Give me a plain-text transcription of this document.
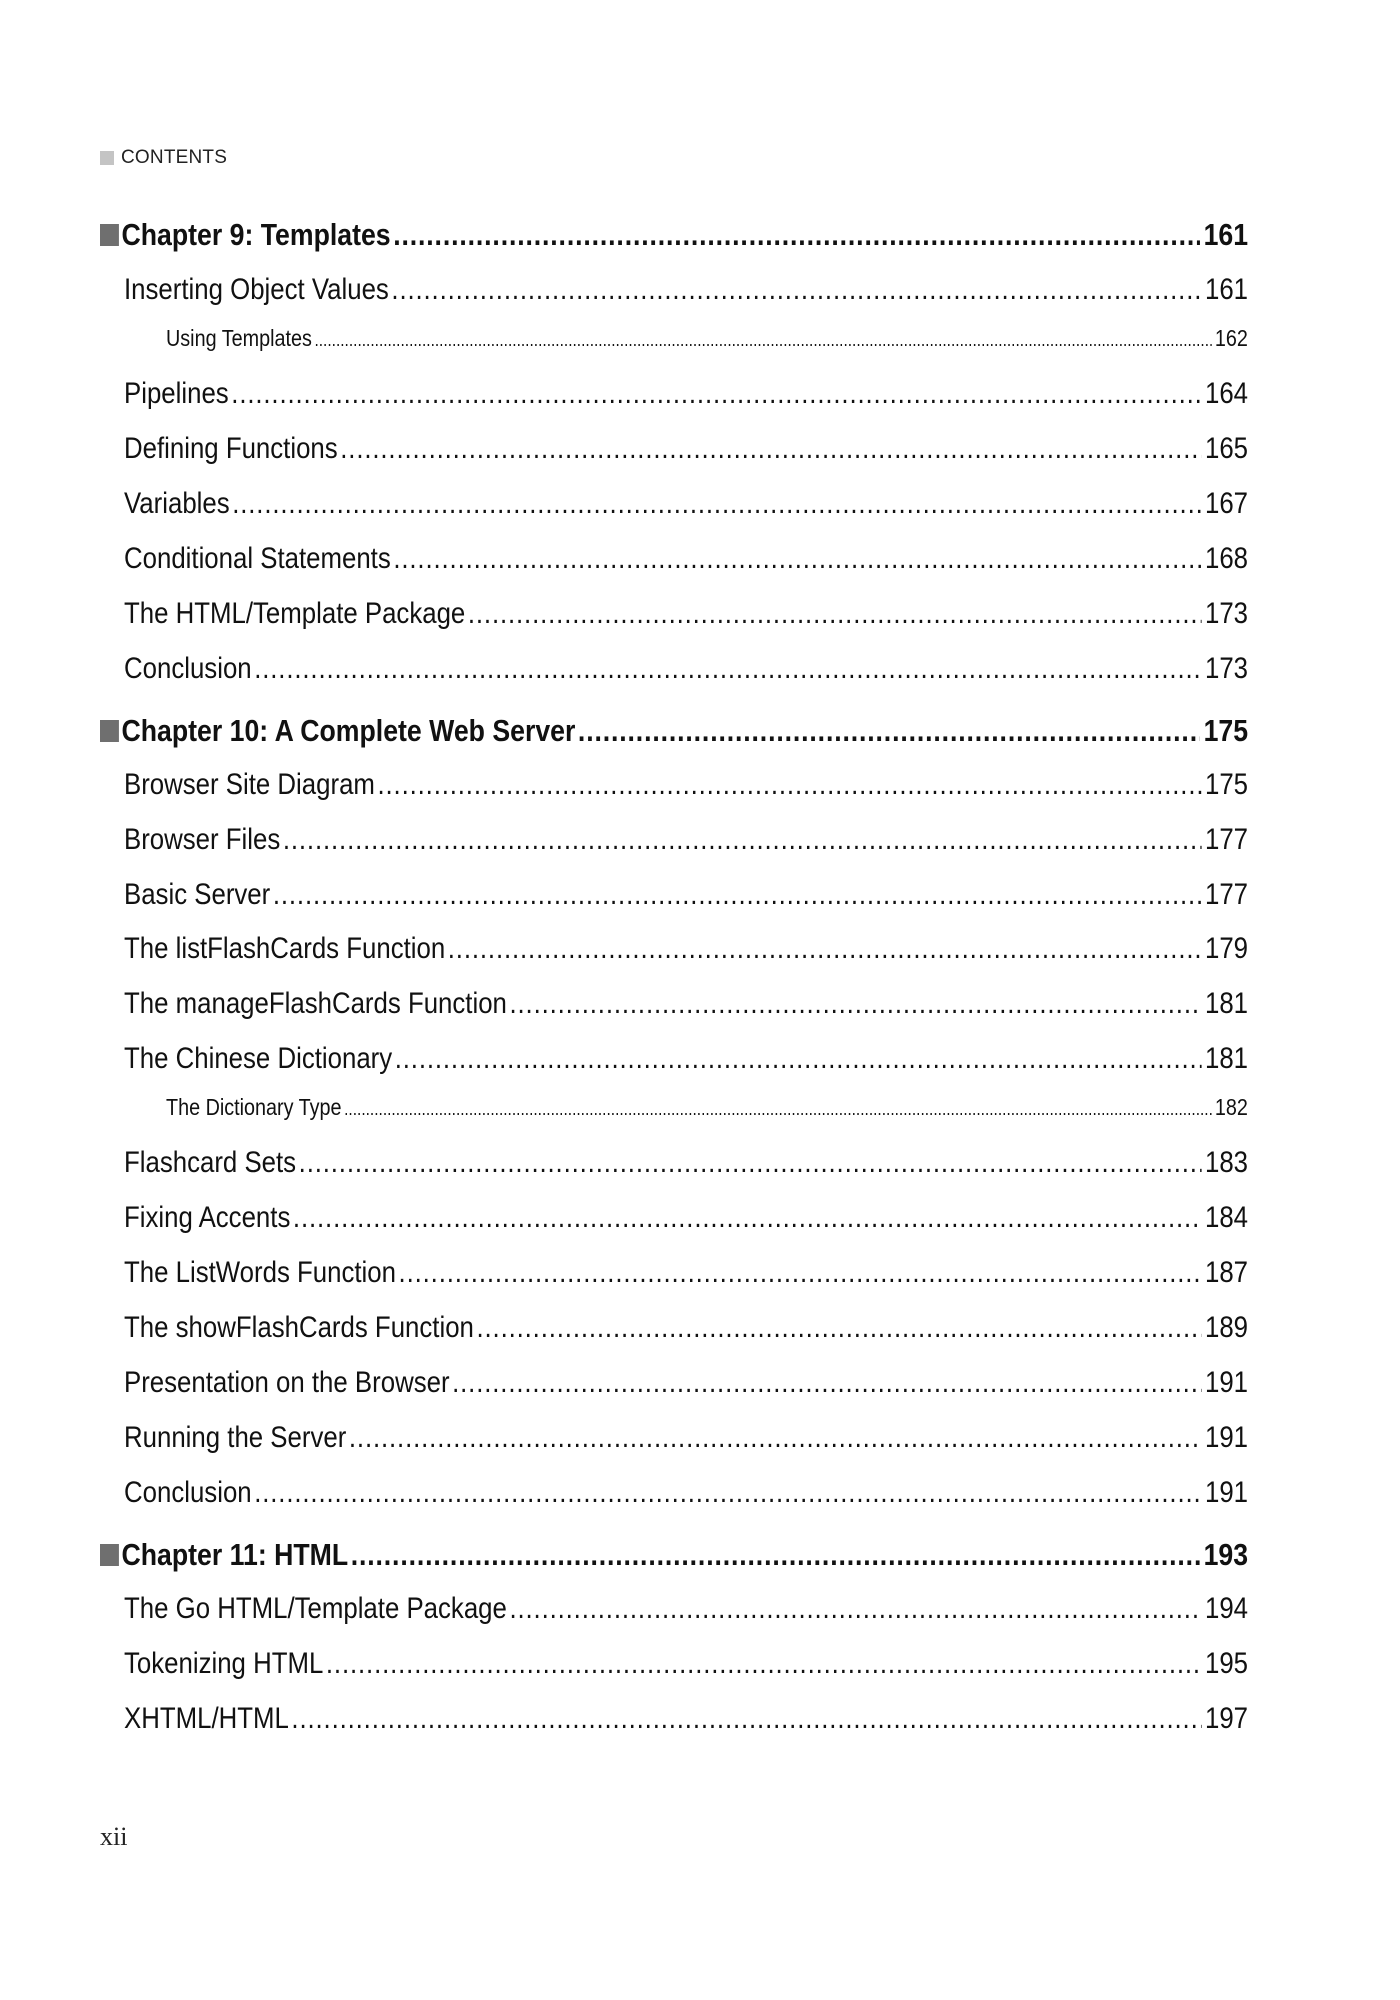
CONTENTS
Chapter 9: Templates .....	161
Inserting Object Values .....	161
Using Templates .....	162
Pipelines .....	164
Defining Functions .....	165
Variables .....	167
Conditional Statements .....	168
The HTML/Template Package .....	173
Conclusion .....	173
Chapter 10: A Complete Web Server .....	175
Browser Site Diagram .....	175
Browser Files .....	177
Basic Server .....	177
The listFlashCards Function .....	179
The manageFlashCards Function .....	181
The Chinese Dictionary .....	181
The Dictionary Type .....	182
Flashcard Sets .....	183
Fixing Accents .....	184
The ListWords Function .....	187
The showFlashCards Function .....	189
Presentation on the Browser .....	191
Running the Server .....	191
Conclusion .....	191
Chapter 11: HTML .....	193
The Go HTML/Template Package .....	194
Tokenizing HTML .....	195
XHTML/HTML .....	197
xii
